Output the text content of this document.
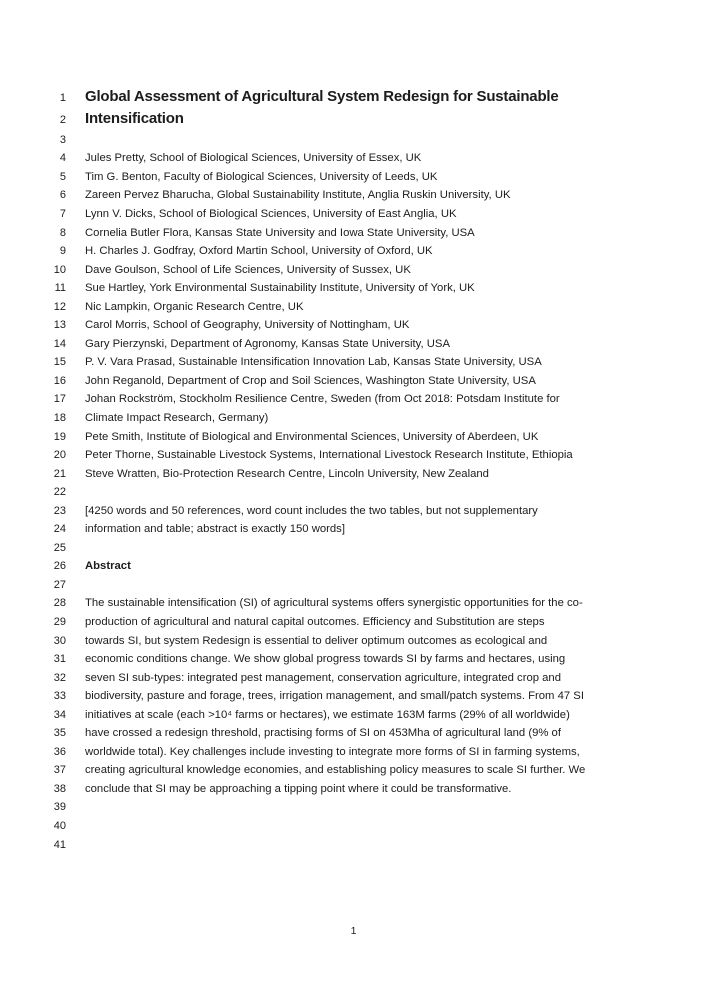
1 Global Assessment of Agricultural System Redesign for Sustainable
2 Intensification
3
4 Jules Pretty, School of Biological Sciences, University of Essex, UK
5 Tim G. Benton, Faculty of Biological Sciences, University of Leeds, UK
6 Zareen Pervez Bharucha, Global Sustainability Institute, Anglia Ruskin University, UK
7 Lynn V. Dicks, School of Biological Sciences, University of East Anglia, UK
8 Cornelia Butler Flora, Kansas State University and Iowa State University, USA
9 H. Charles J. Godfray, Oxford Martin School, University of Oxford, UK
10 Dave Goulson, School of Life Sciences, University of Sussex, UK
11 Sue Hartley, York Environmental Sustainability Institute, University of York, UK
12 Nic Lampkin, Organic Research Centre, UK
13 Carol Morris, School of Geography, University of Nottingham, UK
14 Gary Pierzynski, Department of Agronomy, Kansas State University, USA
15 P. V. Vara Prasad, Sustainable Intensification Innovation Lab, Kansas State University, USA
16 John Reganold, Department of Crop and Soil Sciences, Washington State University, USA
17 Johan Rockström, Stockholm Resilience Centre, Sweden (from Oct 2018: Potsdam Institute for
18 Climate Impact Research, Germany)
19 Pete Smith, Institute of Biological and Environmental Sciences, University of Aberdeen, UK
20 Peter Thorne, Sustainable Livestock Systems, International Livestock Research Institute, Ethiopia
21 Steve Wratten, Bio-Protection Research Centre, Lincoln University, New Zealand
22
23 [4250 words and 50 references, word count includes the two tables, but not supplementary
24 information and table; abstract is exactly 150 words]
25
26 Abstract
27
28 The sustainable intensification (SI) of agricultural systems offers synergistic opportunities for the co-
29 production of agricultural and natural capital outcomes. Efficiency and Substitution are steps
30 towards SI, but system Redesign is essential to deliver optimum outcomes as ecological and
31 economic conditions change. We show global progress towards SI by farms and hectares, using
32 seven SI sub-types: integrated pest management, conservation agriculture, integrated crop and
33 biodiversity, pasture and forage, trees, irrigation management, and small/patch systems. From 47 SI
34 initiatives at scale (each >10⁴ farms or hectares), we estimate 163M farms (29% of all worldwide)
35 have crossed a redesign threshold, practising forms of SI on 453Mha of agricultural land (9% of
36 worldwide total). Key challenges include investing to integrate more forms of SI in farming systems,
37 creating agricultural knowledge economies, and establishing policy measures to scale SI further. We
38 conclude that SI may be approaching a tipping point where it could be transformative.
39
40
41
1
